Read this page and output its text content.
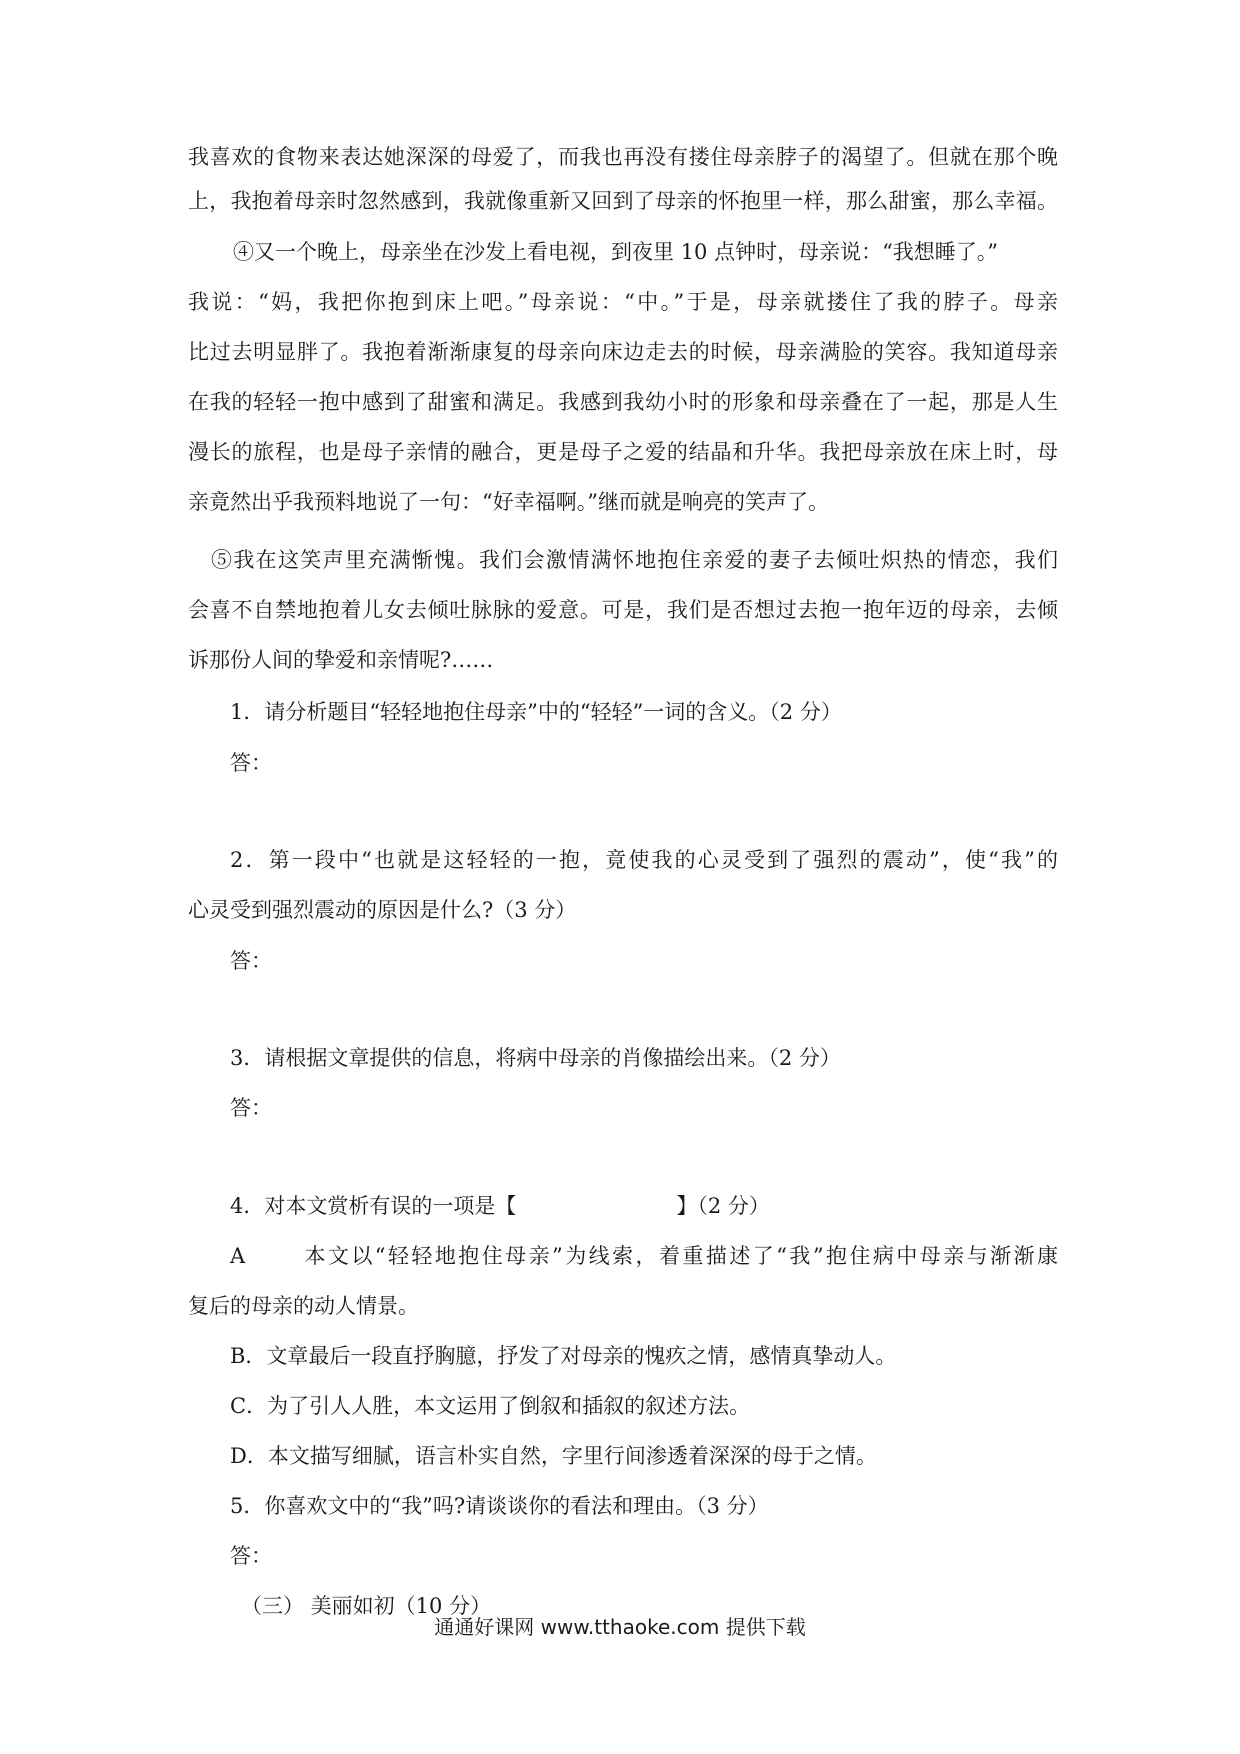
我喜欢的食物来表达她深深的母爱了，而我也再没有搂住母亲脖子的渴望了。但就在那个晚
上，我抱着母亲时忽然感到，我就像重新又回到了母亲的怀抱里一样，那么甜蜜，那么幸福。
④又一个晚上，母亲坐在沙发上看电视，到夜里 10 点钟时，母亲说：“我想睡了。”
我说：“妈，我把你抱到床上吧。”母亲说：“中。”于是，母亲就搂住了我的脖子。母亲
比过去明显胖了。我抱着渐渐康复的母亲向床边走去的时候，母亲满脸的笑容。我知道母亲
在我的轻轻一抱中感到了甜蜜和满足。我感到我幼小时的形象和母亲叠在了一起，那是人生
漫长的旅程，也是母子亲情的融合，更是母子之爱的结晶和升华。我把母亲放在床上时，母
亲竟然出乎我预料地说了一句：“好幸福啊。”继而就是响亮的笑声了。
⑤我在这笑声里充满惭愧。我们会激情满怀地抱住亲爱的妻子去倾吐炽热的情恋，我们
会喜不自禁地抱着儿女去倾吐脉脉的爱意。可是，我们是否想过去抱一抱年迈的母亲，去倾
诉那份人间的挚爱和亲情呢?……
1．请分析题目“轻轻地抱住母亲”中的“轻轻”一词的含义。（2 分）
答：
2．第一段中“也就是这轻轻的一抱，竟使我的心灵受到了强烈的震动”，使“我”的
心灵受到强烈震动的原因是什么?（3 分）
答：
3．请根据文章提供的信息，将病中母亲的肖像描绘出来。（2 分）
答：
4．对本文赏析有误的一项是【	】（2 分）
A	本文以“轻轻地抱住母亲”为线索，着重描述了“我”抱住病中母亲与渐渐康
复后的母亲的动人情景。
B．文章最后一段直抒胸臆，抒发了对母亲的愧疚之情，感情真挚动人。
C．为了引人人胜，本文运用了倒叙和插叙的叙述方法。
D．本文描写细腻，语言朴实自然，字里行间渗透着深深的母于之情。
5．你喜欢文中的“我”吗?请谈谈你的看法和理由。（3 分）
答：
（三） 美丽如初（10 分）
通通好课网 www.tthaoke.com 提供下载
